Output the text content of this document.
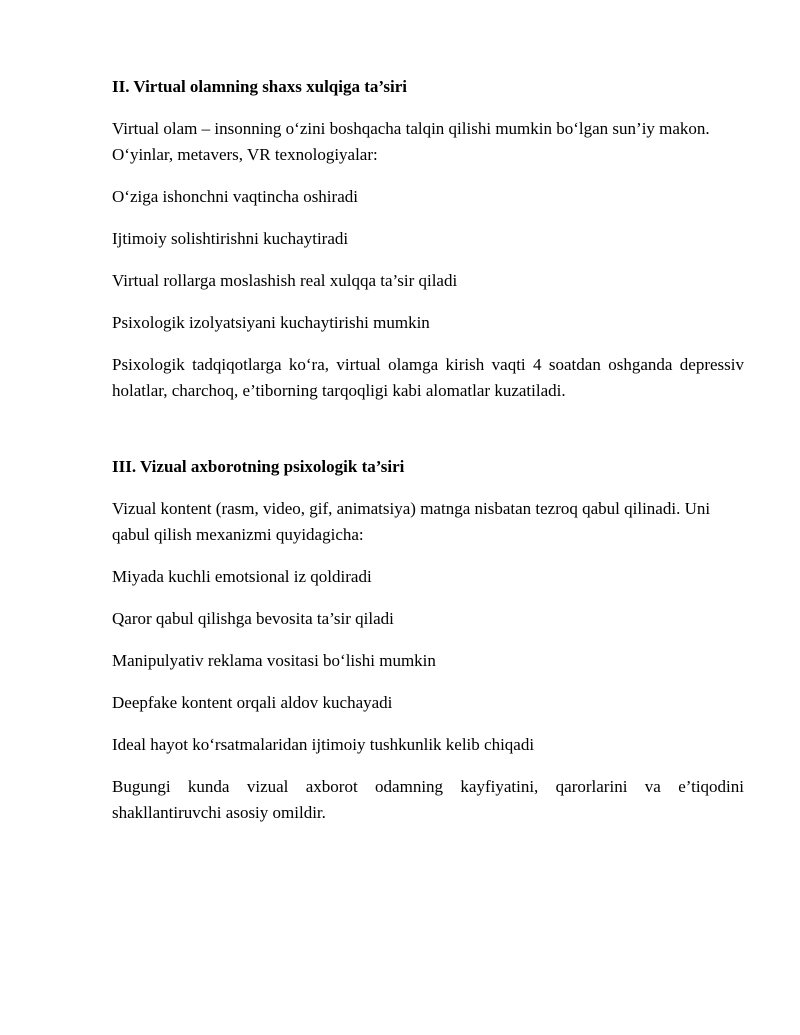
II. Virtual olamning shaxs xulqiga ta’siri
Virtual olam – insonning o‘zini boshqacha talqin qilishi mumkin bo‘lgan sun’iy makon. O‘yinlar, metavers, VR texnologiyalar:
O‘ziga ishonchni vaqtincha oshiradi
Ijtimoiy solishtirishni kuchaytiradi
Virtual rollarga moslashish real xulqqa ta’sir qiladi
Psixologik izolyatsiyani kuchaytirishi mumkin
Psixologik tadqiqotlarga ko‘ra, virtual olamga kirish vaqti 4 soatdan oshganda depressiv holatlar, charchoq, e’tiborning tarqoqligi kabi alomatlar kuzatiladi.
III. Vizual axborotning psixologik ta’siri
Vizual kontent (rasm, video, gif, animatsiya) matnga nisbatan tezroq qabul qilinadi. Uni qabul qilish mexanizmi quyidagicha:
Miyada kuchli emotsional iz qoldiradi
Qaror qabul qilishga bevosita ta’sir qiladi
Manipulyativ reklama vositasi bo‘lishi mumkin
Deepfake kontent orqali aldov kuchayadi
Ideal hayot ko‘rsatmalaridan ijtimoiy tushkunlik kelib chiqadi
Bugungi kunda vizual axborot odamning kayfiyatini, qarorlarini va e’tiqodini shakllantiruvchi asosiy omildir.
